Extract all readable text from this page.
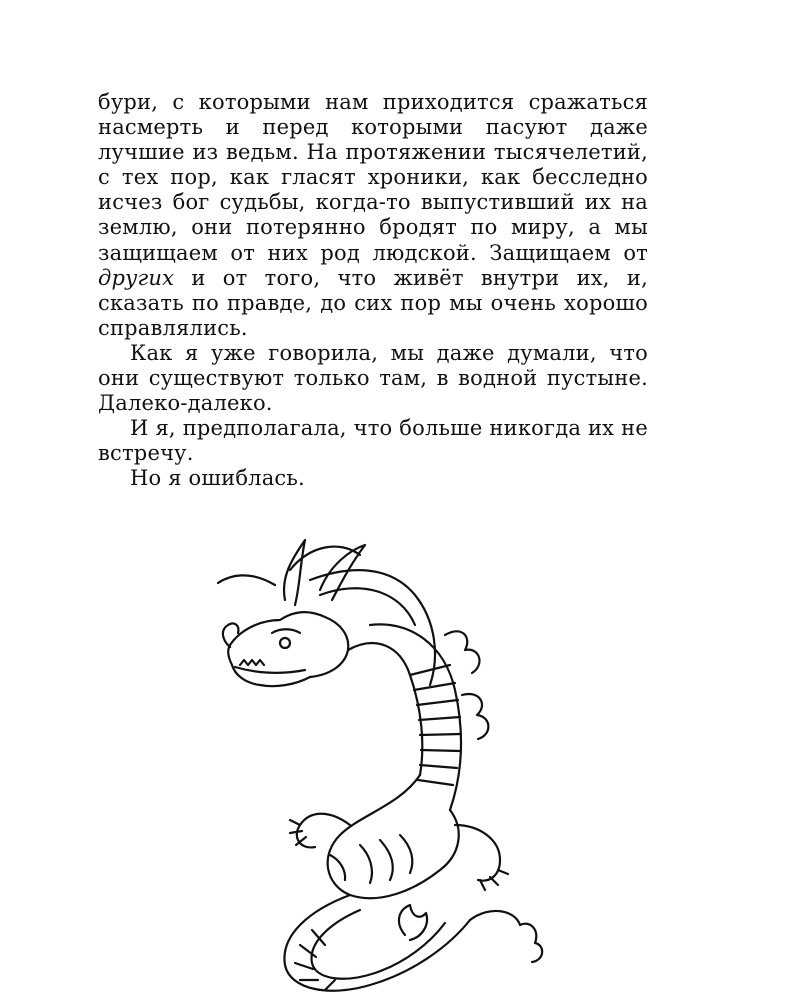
бури, с которыми нам приходится сражаться насмерть и перед которыми пасуют даже лучшие из ведьм. На протяжении тысячелетий, с тех пор, как гласят хроники, как бесследно исчез бог судьбы, когда-то выпустивший их на землю, они потерянно бродят по миру, а мы защищаем от них род людской. Защищаем от других и от того, что живёт внутри их, и, сказать по правде, до сих пор мы очень хорошо справлялись.

Как я уже говорила, мы даже думали, что они существуют только там, в водной пустыне. Далеко-далеко.

И я, предполагала, что больше никогда их не встречу.

Но я ошиблась.
